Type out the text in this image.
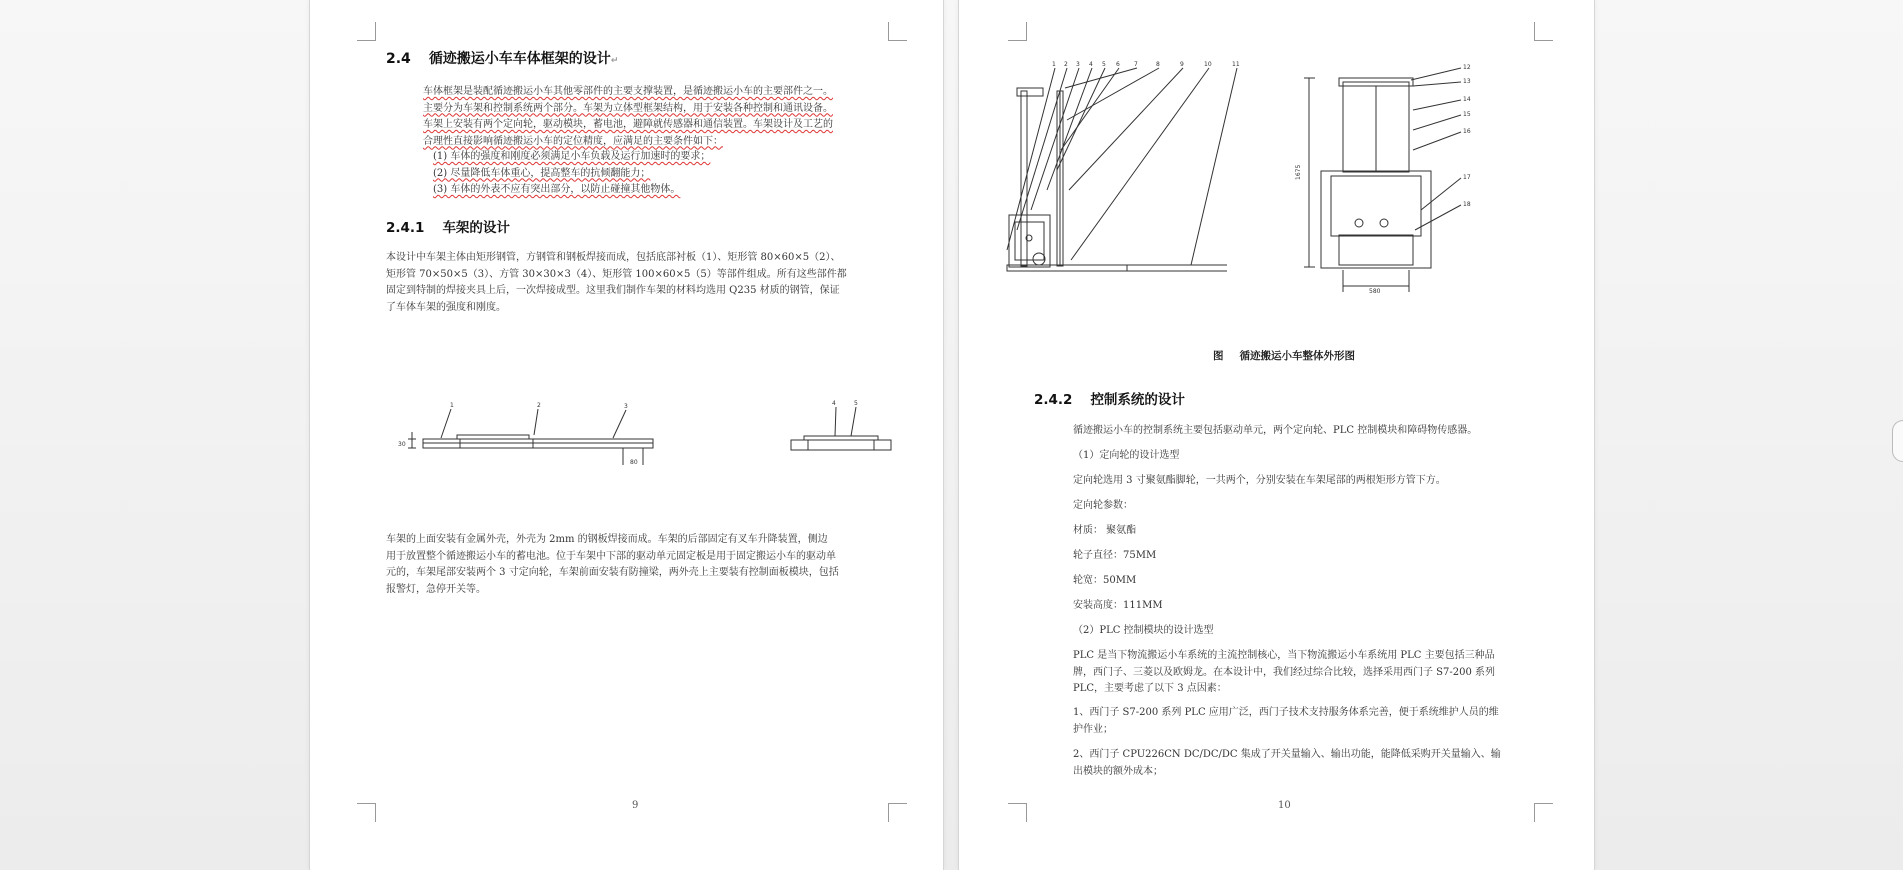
2.4 循迹搬运小车车体框架的设计↵
车体框架是装配循迹搬运小车其他零部件的主要支撑装置，是循迹搬运小车的主要部件之一。
主要分为车架和控制系统两个部分。车架为立体型框架结构，用于安装各种控制和通讯设备。
车架上安装有两个定向轮，驱动模块，蓄电池，避障就传感器和通信装置。车架设计及工艺的
合理性直接影响循迹搬运小车的定位精度，应满足的主要条件如下：
(1) 车体的强度和刚度必须满足小车负载及运行加速时的要求；
(2) 尽量降低车体重心，提高整车的抗倾翻能力；
(3) 车体的外表不应有突出部分，以防止碰撞其他物体。
2.4.1 车架的设计
本设计中车架主体由矩形钢管，方钢管和钢板焊接而成，包括底部衬板（1）、矩形管 80×60×5（2）、
矩形管 70×50×5（3）、方管 30×30×3（4）、矩形管 100×60×5（5）等部件组成。所有这些部件都
固定到特制的焊接夹具上后，一次焊接成型。这里我们制作车架的材料均选用 Q235 材质的钢管，保证
了车体车架的强度和刚度。
1	2	3	4	5
30
80
车架的上面安装有金属外壳，外壳为 2mm 的钢板焊接而成。车架的后部固定有叉车升降装置，侧边
用于放置整个循迹搬运小车的蓄电池。位于车架中下部的驱动单元固定板是用于固定搬运小车的驱动单
元的，车架尾部安装两个 3 寸定向轮，车架前面安装有防撞梁，两外壳上主要装有控制面板模块，包括
报警灯，急停开关等。
9
1 2 3 4 5 6 7	8	9	10	11	12
13
14
15
16
17
18
1675
580
图 循迹搬运小车整体外形图
2.4.2 控制系统的设计
循迹搬运小车的控制系统主要包括驱动单元，两个定向轮、PLC 控制模块和障碍物传感器。
（1）定向轮的设计选型
定向轮选用 3 寸聚氨酯脚轮，一共两个，分别安装在车架尾部的两根矩形方管下方。
定向轮参数：
材质： 聚氨酯
轮子直径：75MM
轮宽：50MM
安装高度：111MM
（2）PLC 控制模块的设计选型
PLC 是当下物流搬运小车系统的主流控制核心，当下物流搬运小车系统用 PLC 主要包括三种品
牌，西门子、三菱以及欧姆龙。在本设计中，我们经过综合比较，选择采用西门子 S7-200 系列
PLC，主要考虑了以下 3 点因素：
1、西门子 S7-200 系列 PLC 应用广泛，西门子技术支持服务体系完善，便于系统维护人员的维
护作业；
2、西门子 CPU226CN DC/DC/DC 集成了开关量输入、输出功能，能降低采购开关量输入、输
出模块的额外成本；
10
